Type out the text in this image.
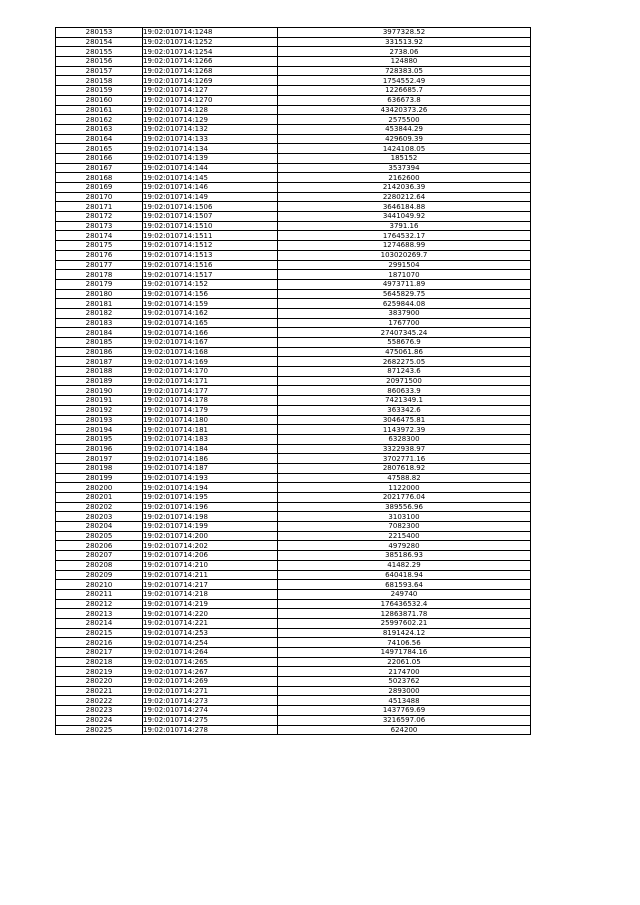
280153	19:02:010714:1248	3977328.52
280154	19:02:010714:1252	331513.92
280155	19:02:010714:1254	2738.06
280156	19:02:010714:1266	124880
280157	19:02:010714:1268	728383.05
280158	19:02:010714:1269	1754552.49
280159	19:02:010714:127	1226685.7
280160	19:02:010714:1270	636673.8
280161	19:02:010714:128	43420373.26
280162	19:02:010714:129	2575500
280163	19:02:010714:132	453844.29
280164	19:02:010714:133	429609.39
280165	19:02:010714:134	1424108.05
280166	19:02:010714:139	185152
280167	19:02:010714:144	3537394
280168	19:02:010714:145	2162600
280169	19:02:010714:146	2142036.39
280170	19:02:010714:149	2280212.64
280171	19:02:010714:1506	3646184.88
280172	19:02:010714:1507	3441049.92
280173	19:02:010714:1510	3791.16
280174	19:02:010714:1511	1764532.17
280175	19:02:010714:1512	1274688.99
280176	19:02:010714:1513	103020269.7
280177	19:02:010714:1516	2991504
280178	19:02:010714:1517	1871070
280179	19:02:010714:152	4973711.89
280180	19:02:010714:156	5645829.75
280181	19:02:010714:159	6259844.08
280182	19:02:010714:162	3837900
280183	19:02:010714:165	1767700
280184	19:02:010714:166	27407345.24
280185	19:02:010714:167	558676.9
280186	19:02:010714:168	475061.86
280187	19:02:010714:169	2682275.05
280188	19:02:010714:170	871243.6
280189	19:02:010714:171	20971500
280190	19:02:010714:177	860633.9
280191	19:02:010714:178	7421349.1
280192	19:02:010714:179	363342.6
280193	19:02:010714:180	3046475.81
280194	19:02:010714:181	1143972.39
280195	19:02:010714:183	6328300
280196	19:02:010714:184	3322938.97
280197	19:02:010714:186	3702771.16
280198	19:02:010714:187	2807618.92
280199	19:02:010714:193	47588.82
280200	19:02:010714:194	1122000
280201	19:02:010714:195	2021776.04
280202	19:02:010714:196	389556.96
280203	19:02:010714:198	3103100
280204	19:02:010714:199	7082300
280205	19:02:010714:200	2215400
280206	19:02:010714:202	4979280
280207	19:02:010714:206	385186.93
280208	19:02:010714:210	41482.29
280209	19:02:010714:211	640418.94
280210	19:02:010714:217	681593.64
280211	19:02:010714:218	249740
280212	19:02:010714:219	176436532.4
280213	19:02:010714:220	12863871.78
280214	19:02:010714:221	25997602.21
280215	19:02:010714:253	8191424.12
280216	19:02:010714:254	74106.56
280217	19:02:010714:264	14971784.16
280218	19:02:010714:265	22061.05
280219	19:02:010714:267	2174700
280220	19:02:010714:269	5023762
280221	19:02:010714:271	2893000
280222	19:02:010714:273	4513488
280223	19:02:010714:274	1437769.69
280224	19:02:010714:275	3216597.06
280225	19:02:010714:278	624200
